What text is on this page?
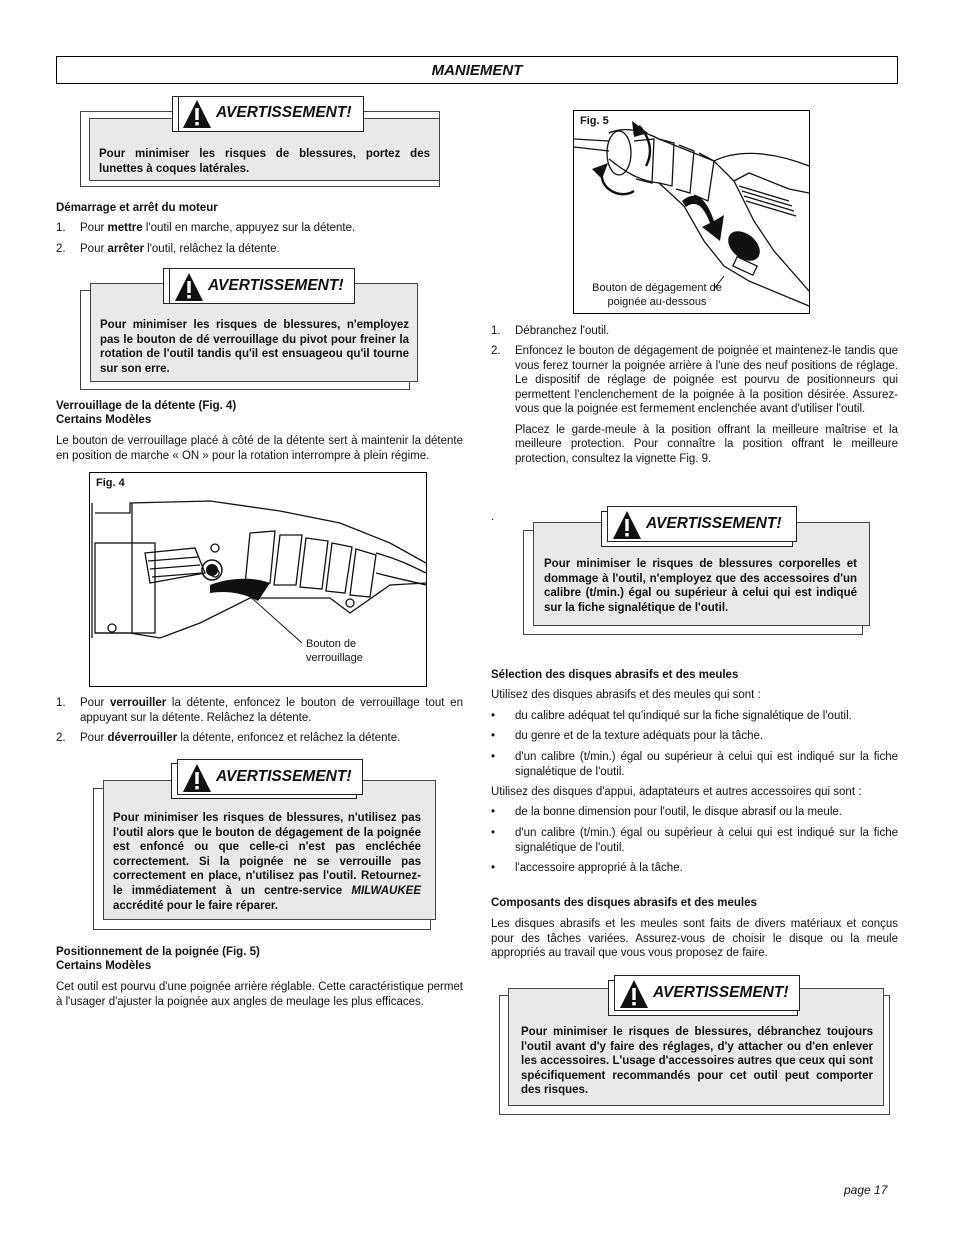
MANIEMENT
Pour minimiser les risques de blessures, portez des lunettes à coques latérales.
AVERTISSEMENT!
Démarrage et arrêt du moteur
1. Pour mettre l'outil en marche, appuyez sur la détente.
2. Pour arrêter l'outil, relâchez la détente.
Pour minimiser les risques de blessures, n'employez pas le bouton de dé verrouillage du pivot pour freiner la rotation de l'outil tandis qu'il est ensuageou qu'il tourne sur son erre.
AVERTISSEMENT!
Verrouillage de la détente (Fig. 4)
Certains Modèles
Le bouton de verrouillage placé à côté de la détente sert à maintenir la détente en position de marche « ON » pour la rotation interrompre à plein régime.
Fig. 4
Bouton de
verrouillage
1. Pour verrouiller la détente, enfoncez le bouton de verrouillage tout en appuyant sur la détente. Relâchez la détente.
2. Pour déverrouiller la détente, enfoncez et relâchez la détente.
Pour minimiser les risques de blessures, n'utilisez pas l'outil alors que le bouton de dégagement de la poignée est enfoncé ou que celle-ci n'est pas encléchée correctement. Si la poignée ne se verrouille pas correctement en place, n'utilisez pas l'outil. Retournez-le immédiatement à un centre-service MILWAUKEE accrédité pour le faire réparer.
AVERTISSEMENT!
Positionnement de la poignée (Fig. 5)
Certains Modèles
Cet outil est pourvu d'une poignée arrière réglable. Cette caractéristique permet à l'usager d'ajuster la poignée aux angles de meulage les plus efficaces.
Fig. 5
Bouton de dégagement de
poignée au-dessous
1. Débranchez l'outil.
2. Enfoncez le bouton de dégagement de poignée et maintenez-le tandis que vous ferez tourner la poignée arrière à l'une des neuf positions de réglage. Le dispositif de réglage de poignée est pourvu de positionneurs qui permettent l'enclenchement de la poignée à la position désirée. Assurez-vous que la poignée est fermement enclenchée avant d'utiliser l'outil.
Placez le garde-meule à la position offrant la meilleure maîtrise et la meilleure protection. Pour connaître la position offrant le meilleure protection, consultez la vignette Fig. 9.
.
Pour minimiser le risques de blessures corporelles et dommage à l'outil, n'employez que des accessoires d'un calibre (t/min.) égal ou supérieur à celui qui est indiqué sur la fiche signalétique de l'outil.
AVERTISSEMENT!
Sélection des disques abrasifs et des meules
Utilisez des disques abrasifs et des meules qui sont :
• du calibre adéquat tel qu'indiqué sur la fiche signalétique de l'outil.
• du genre et de la texture adéquats pour la tâche.
• d'un calibre (t/min.) égal ou supérieur à celui qui est indiqué sur la fiche signalétique de l'outil.
Utilisez des disques d'appui, adaptateurs et autres accessoires qui sont :
• de la bonne dimension pour l'outil, le disque abrasif ou la meule.
• d'un calibre (t/min.) égal ou supérieur à celui qui est indiqué sur la fiche signalétique de l'outil.
• l'accessoire approprié à la tâche.
Composants des disques abrasifs et des meules
Les disques abrasifs et les meules sont faits de divers matériaux et conçus pour des tâches variées. Assurez-vous de choisir le disque ou la meule appropriés au travail que vous vous proposez de faire.
Pour minimiser le risques de blessures, débranchez toujours l'outil avant d'y faire des réglages, d'y attacher ou d'en enlever les accessoires. L'usage d'accessoires autres que ceux qui sont spécifiquement recommandés pour cet outil peut comporter des risques.
AVERTISSEMENT!
page 17
